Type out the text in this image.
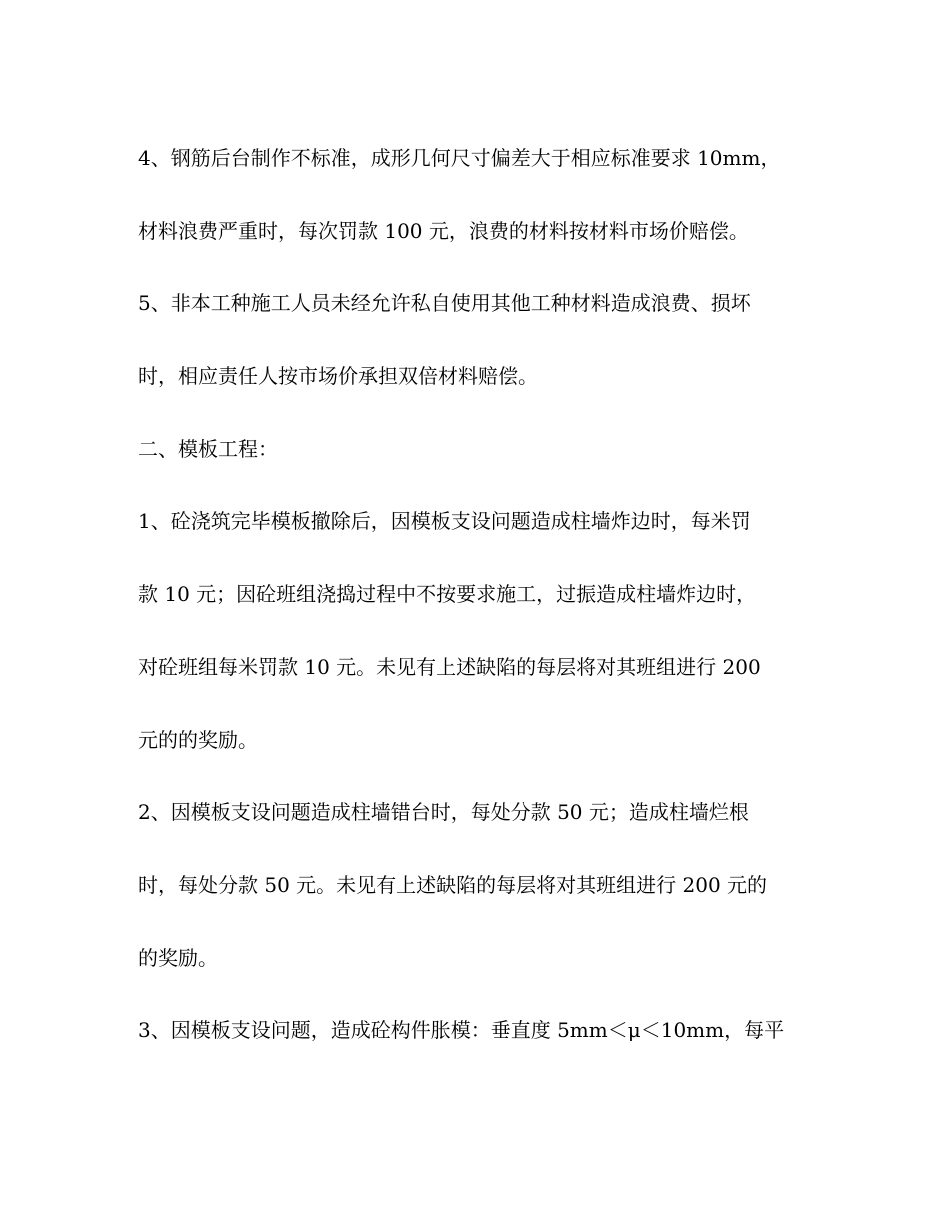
4、钢筋后台制作不标准，成形几何尺寸偏差大于相应标准要求 10mm，
材料浪费严重时，每次罚款 100 元，浪费的材料按材料市场价赔偿。
5、非本工种施工人员未经允许私自使用其他工种材料造成浪费、损坏
时，相应责任人按市场价承担双倍材料赔偿。
二、模板工程：
1、砼浇筑完毕模板撤除后，因模板支设问题造成柱墙炸边时，每米罚
款 10 元；因砼班组浇捣过程中不按要求施工，过振造成柱墙炸边时，
对砼班组每米罚款 10 元。未见有上述缺陷的每层将对其班组进行 200
元的的奖励。
2、因模板支设问题造成柱墙错台时，每处分款 50 元；造成柱墙烂根
时，每处分款 50 元。未见有上述缺陷的每层将对其班组进行 200 元的
的奖励。
3、因模板支设问题，造成砼构件胀模：垂直度 5mm＜μ＜10mm，每平
